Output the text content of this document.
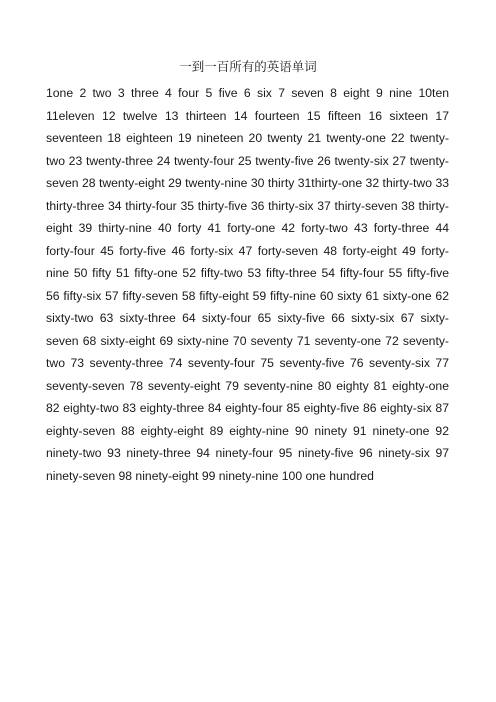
一到一百所有的英语单词

1one 2 two 3 three 4 four 5 five 6 six 7 seven 8 eight 9 nine 10ten 11eleven 12 twelve 13 thirteen 14 fourteen 15 fifteen 16 sixteen 17 seventeen 18 eighteen 19 nineteen 20 twenty 21 twenty-one 22 twenty-two 23 twenty-three 24 twenty-four 25 twenty-five 26 twenty-six 27 twenty-seven 28 twenty-eight 29 twenty-nine 30 thirty 31thirty-one 32 thirty-two 33 thirty-three 34 thirty-four 35 thirty-five 36 thirty-six 37 thirty-seven 38 thirty-eight 39 thirty-nine 40 forty 41 forty-one 42 forty-two 43 forty-three 44 forty-four 45 forty-five 46 forty-six 47 forty-seven 48 forty-eight 49 forty-nine 50 fifty 51 fifty-one 52 fifty-two 53 fifty-three 54 fifty-four 55 fifty-five 56 fifty-six 57 fifty-seven 58 fifty-eight 59 fifty-nine 60 sixty 61 sixty-one 62 sixty-two 63 sixty-three 64 sixty-four 65 sixty-five 66 sixty-six 67 sixty-seven 68 sixty-eight 69 sixty-nine 70 seventy 71 seventy-one 72 seventy-two 73 seventy-three 74 seventy-four 75 seventy-five 76 seventy-six 77 seventy-seven 78 seventy-eight 79 seventy-nine 80 eighty 81 eighty-one 82 eighty-two 83 eighty-three 84 eighty-four 85 eighty-five 86 eighty-six 87 eighty-seven 88 eighty-eight 89 eighty-nine 90 ninety 91 ninety-one 92 ninety-two 93 ninety-three 94 ninety-four 95 ninety-five 96 ninety-six 97 ninety-seven 98 ninety-eight 99 ninety-nine 100 one hundred
